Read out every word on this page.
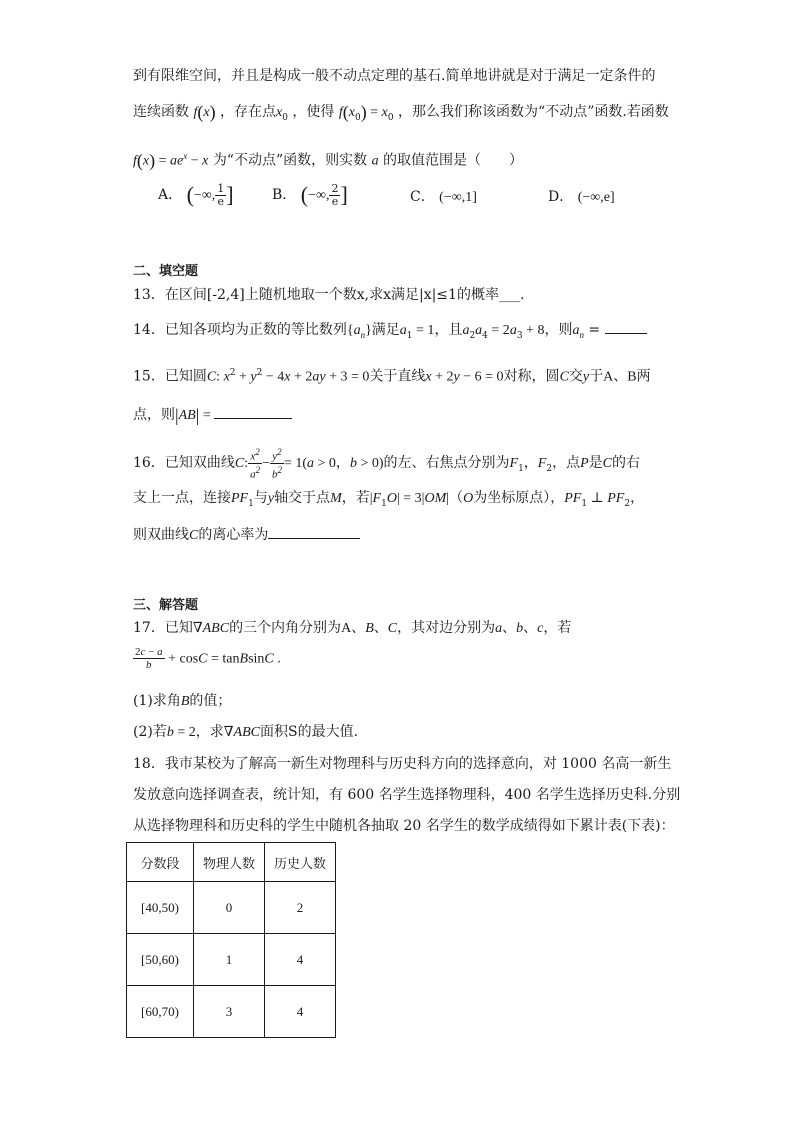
到有限维空间，并且是构成一般不动点定理的基石.简单地讲就是对于满足一定条件的
连续函数 f(x) ，存在点$x_0$ ，使得 $f(x_0) = x_0$ ，那么我们称该函数为“不动点”函数.若函数
$f(x) = ae^x - x$ 为“不动点”函数，则实数 a 的取值范围是（　　）
A． (−∞, $\frac{1}{e}$ ]	B． (−∞, $\frac{2}{e}$ ]	C． (−∞,1]	D． (−∞,e]
二、填空题
13．在区间[-2,4]上随机地取一个数x,求x满足|x|≤1的概率___.
14．已知各项均为正数的等比数列$\{a_n\}$满足$a_1 = 1$，且$a_2a_4 = 2a_3 + 8$，则$a_n$ =
15．已知圆C: $x^2 + y^2 - 4x + 2ay + 3 = 0$关于直线x + 2y − 6 = 0对称，圆C交y于A、B两
点，则|AB| =
16．已知双曲线C: $\frac{x^2}{a^2} - \frac{y^2}{b^2} = 1(a > 0$，b > 0)的左、右焦点分别为$F_1$，$F_2$，点P是C的右
支上一点，连接$PF_1$与y轴交于点M，若$|F_1O| = 3|OM|(O$为坐标原点），$PF_1$ ⊥ $PF_2$，
则双曲线C的离心率为
三、解答题
17．已知∇ABC的三个内角分别为A、B、C，其对边分别为a、b、c，若
$\frac{2c - a}{b} + \cos C$ = tanBsinC .
(1)求角B的值；
(2)若b = 2，求∇ABC面积S的最大值.
18．我市某校为了解高一新生对物理科与历史科方向的选择意向，对 1000 名高一新生
发放意向选择调查表，统计知，有 600 名学生选择物理科，400 名学生选择历史科.分别
从选择物理科和历史科的学生中随机各抽取 20 名学生的数学成绩得如下累计表(下表)：
分数段	物理人数	历史人数
[40,50)	0	2
[50,60)	1	4
[60,70)	3	4
